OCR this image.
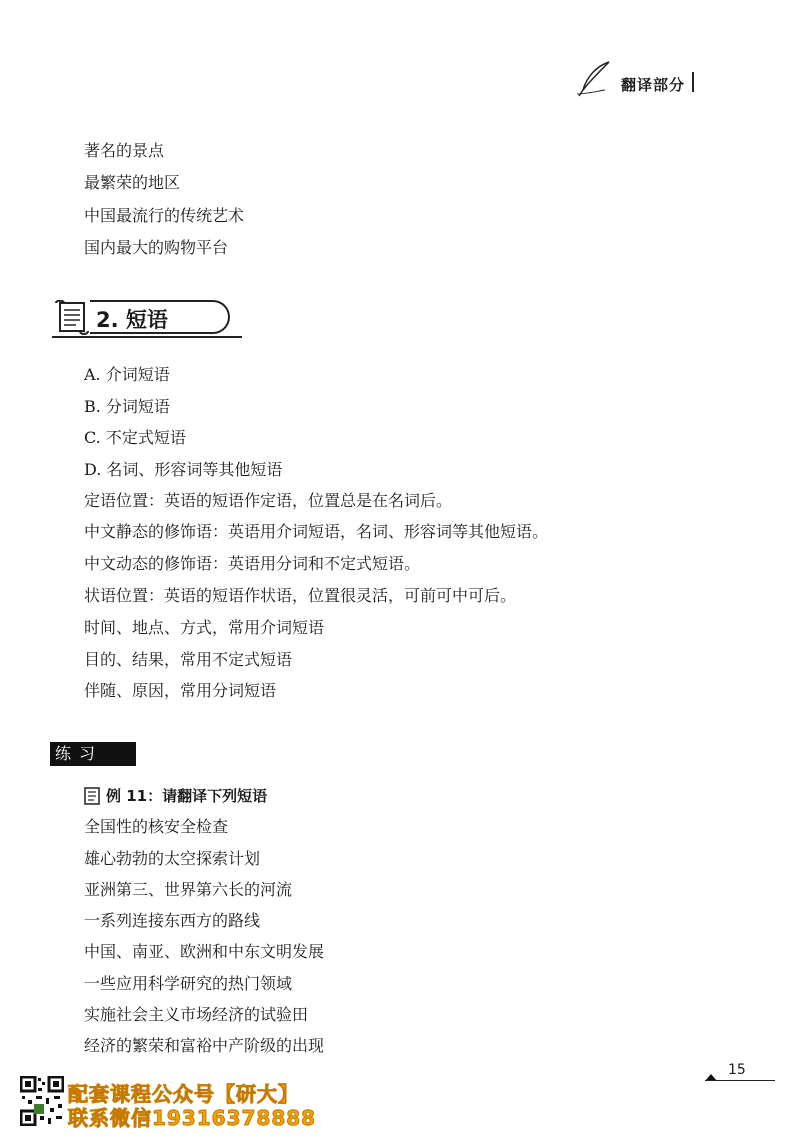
翻译部分
著名的景点
最繁荣的地区
中国最流行的传统艺术
国内最大的购物平台
2. 短语
A. 介词短语
B. 分词短语
C. 不定式短语
D. 名词、形容词等其他短语
定语位置：英语的短语作定语，位置总是在名词后。
中文静态的修饰语：英语用介词短语，名词、形容词等其他短语。
中文动态的修饰语：英语用分词和不定式短语。
状语位置：英语的短语作状语，位置很灵活，可前可中可后。
时间、地点、方式，常用介词短语
目的、结果，常用不定式短语
伴随、原因，常用分词短语
练习
例 11：请翻译下列短语
全国性的核安全检查
雄心勃勃的太空探索计划
亚洲第三、世界第六长的河流
一系列连接东西方的路线
中国、南亚、欧洲和中东文明发展
一些应用科学研究的热门领域
实施社会主义市场经济的试验田
经济的繁荣和富裕中产阶级的出现
15
配套课程公众号【研大】
联系微信19316378888
